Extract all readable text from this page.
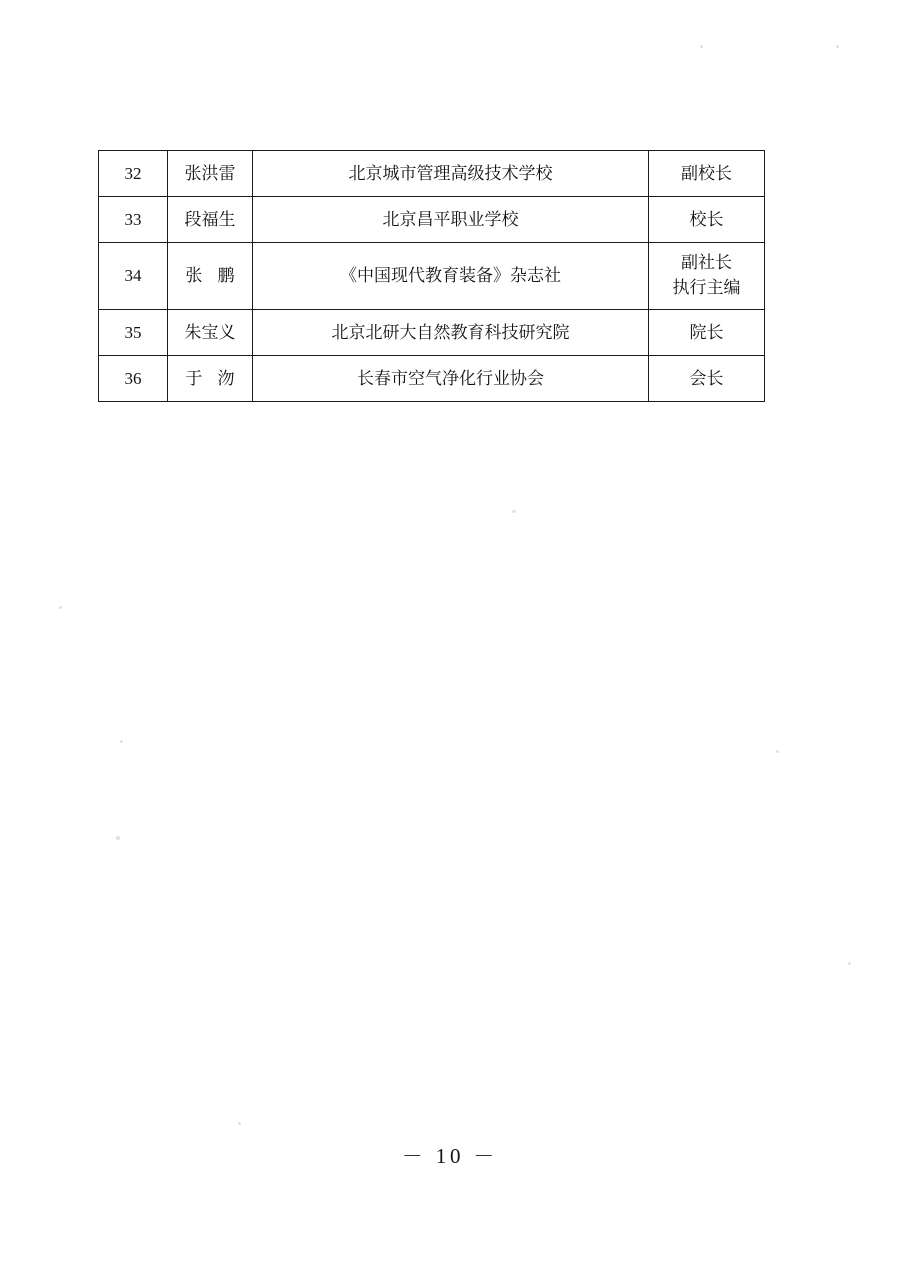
32	张洪雷	北京城市管理高级技术学校	副校长
33	段福生	北京昌平职业学校	校长
34	张 鹏	《中国现代教育装备》杂志社	副社长
执行主编

35	朱宝义	北京北研大自然教育科技研究院	院长
36	于 沕	长春市空气净化行业协会	会长
－ 10 －
